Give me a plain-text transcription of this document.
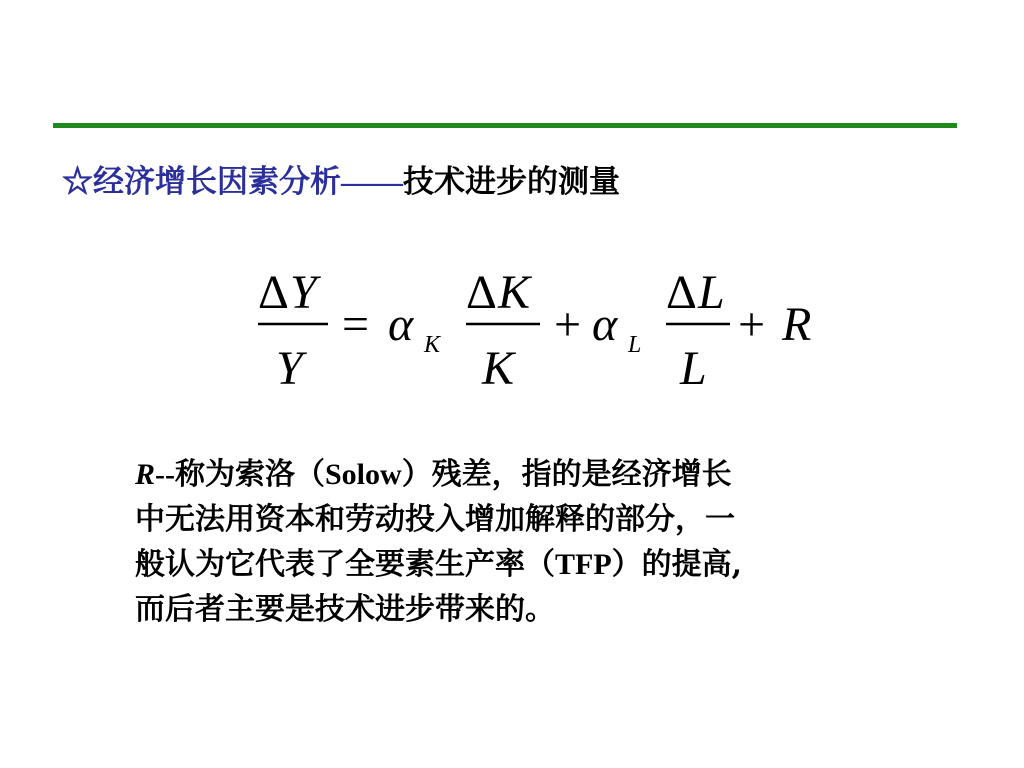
☆经济增长因素分析——技术进步的测量
Δ Y
Y
= α K
Δ K
K
+ α L
Δ L
L
+ R

R--称为索洛（Solow）残差，指的是经济增长

中无法用资本和劳动投入增加解释的部分，一

般认为它代表了全要素生产率（TFP）的提高,

而后者主要是技术进步带来的。
